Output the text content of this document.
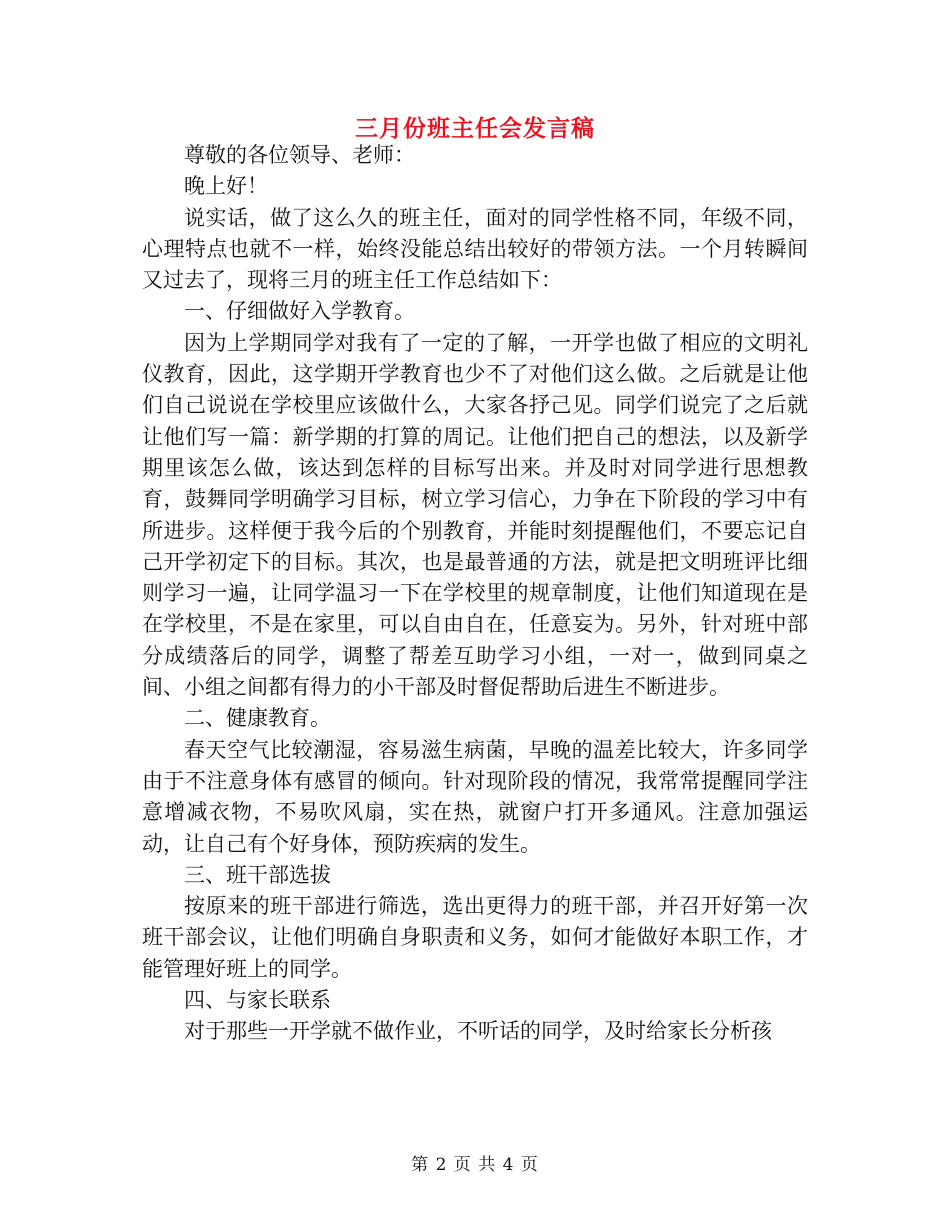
三月份班主任会发言稿

尊敬的各位领导、老师：

晚上好！

说实话，做了这么久的班主任，面对的同学性格不同，年级不同，心理特点也就不一样，始终没能总结出较好的带领方法。一个月转瞬间又过去了，现将三月的班主任工作总结如下：

一、仔细做好入学教育。

因为上学期同学对我有了一定的了解，一开学也做了相应的文明礼仪教育，因此，这学期开学教育也少不了对他们这么做。之后就是让他们自己说说在学校里应该做什么，大家各抒己见。同学们说完了之后就让他们写一篇：新学期的打算的周记。让他们把自己的想法，以及新学期里该怎么做，该达到怎样的目标写出来。并及时对同学进行思想教育，鼓舞同学明确学习目标，树立学习信心，力争在下阶段的学习中有所进步。这样便于我今后的个别教育，并能时刻提醒他们，不要忘记自己开学初定下的目标。其次，也是最普通的方法，就是把文明班评比细则学习一遍，让同学温习一下在学校里的规章制度，让他们知道现在是在学校里，不是在家里，可以自由自在，任意妄为。另外，针对班中部分成绩落后的同学，调整了帮差互助学习小组，一对一，做到同桌之间、小组之间都有得力的小干部及时督促帮助后进生不断进步。

二、健康教育。

春天空气比较潮湿，容易滋生病菌，早晚的温差比较大，许多同学由于不注意身体有感冒的倾向。针对现阶段的情况，我常常提醒同学注意增减衣物，不易吹风扇，实在热，就窗户打开多通风。注意加强运动，让自己有个好身体，预防疾病的发生。

三、班干部选拔

按原来的班干部进行筛选，选出更得力的班干部，并召开好第一次班干部会议，让他们明确自身职责和义务，如何才能做好本职工作，才能管理好班上的同学。

四、与家长联系

对于那些一开学就不做作业，不听话的同学，及时给家长分析孩

第 2 页 共 4 页
